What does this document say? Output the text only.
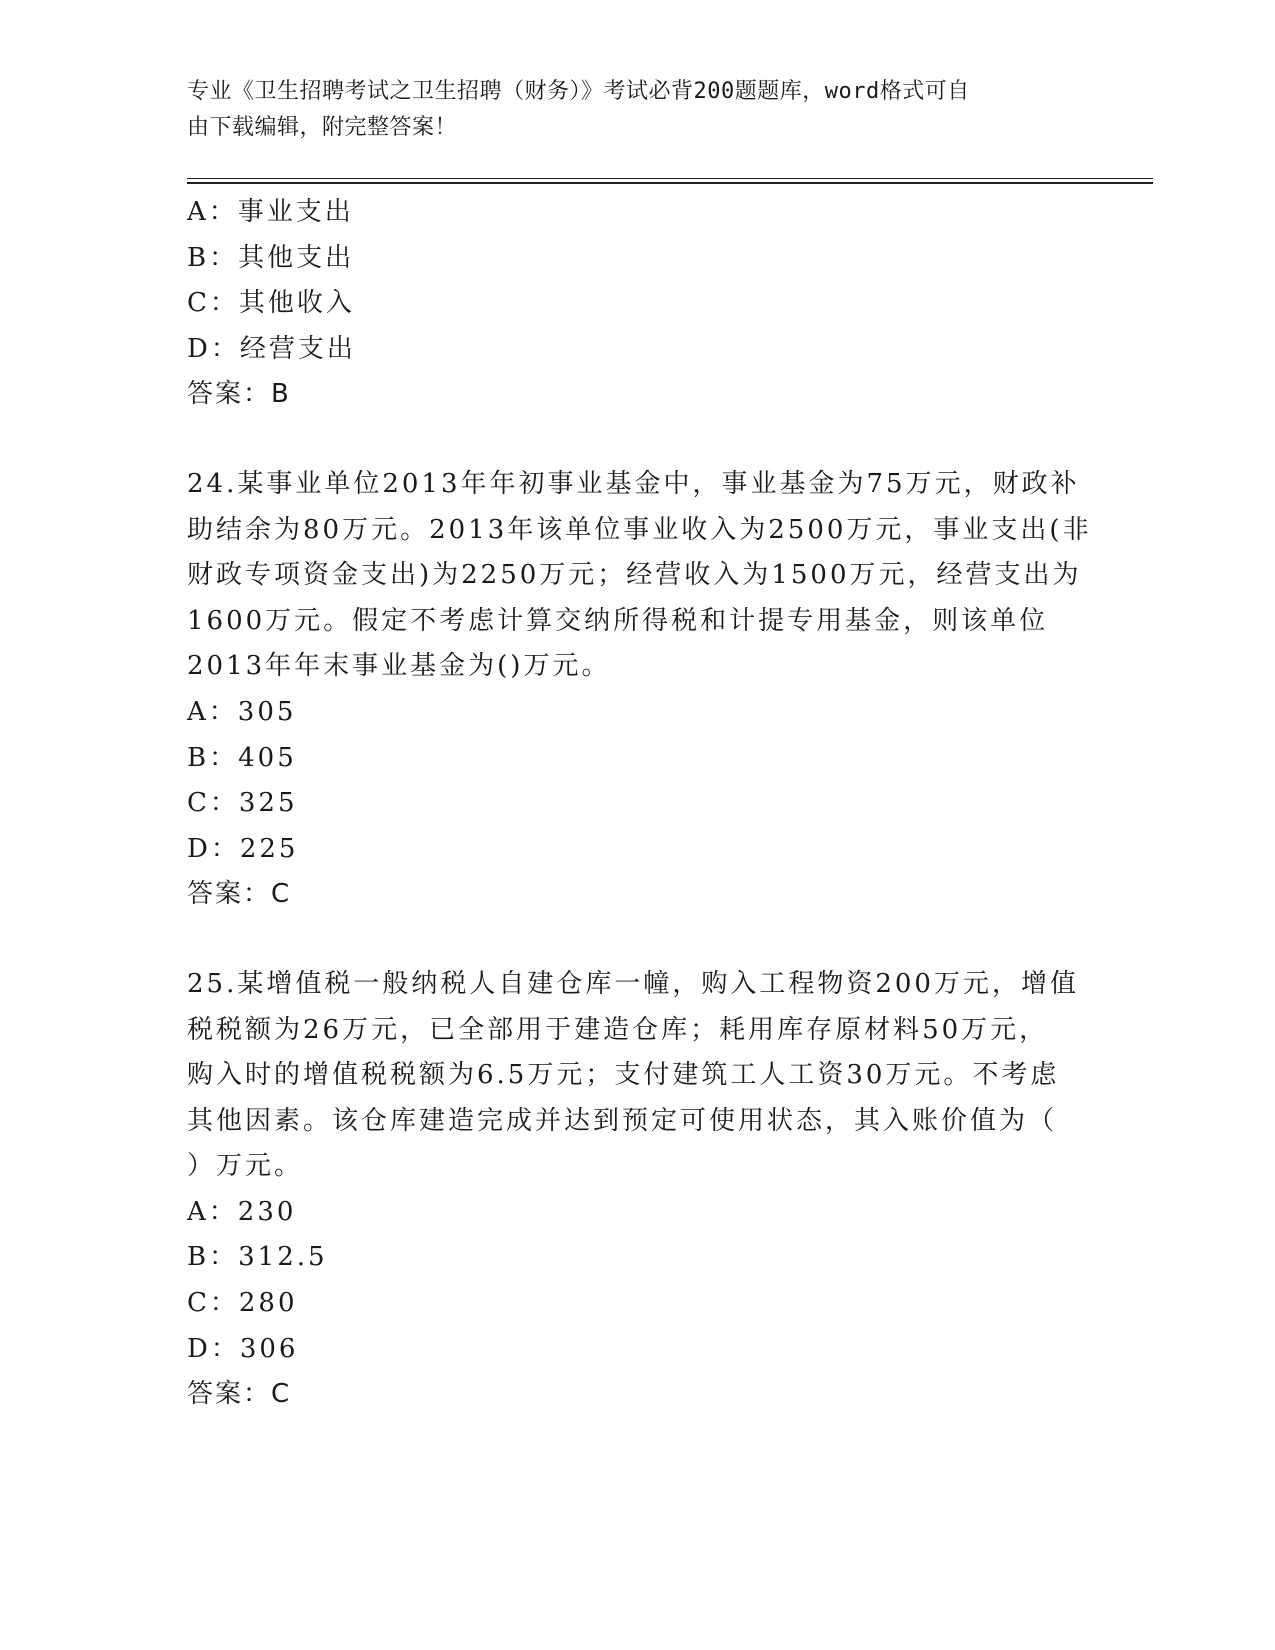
专业《卫生招聘考试之卫生招聘（财务）》考试必背200题题库，word格式可自
由下载编辑，附完整答案！
A：事业支出
B：其他支出
C：其他收入
D：经营支出
答案：B
24.某事业单位2013年年初事业基金中，事业基金为75万元，财政补
助结余为80万元。2013年该单位事业收入为2500万元，事业支出(非
财政专项资金支出)为2250万元；经营收入为1500万元，经营支出为
1600万元。假定不考虑计算交纳所得税和计提专用基金，则该单位
2013年年末事业基金为()万元。
A：305
B：405
C：325
D：225
答案：C
25.某增值税一般纳税人自建仓库一幢，购入工程物资200万元，增值
税税额为26万元，已全部用于建造仓库；耗用库存原材料50万元，
购入时的增值税税额为6.5万元；支付建筑工人工资30万元。不考虑
其他因素。该仓库建造完成并达到预定可使用状态，其入账价值为（
）万元。
A：230
B：312.5
C：280
D：306
答案：C
